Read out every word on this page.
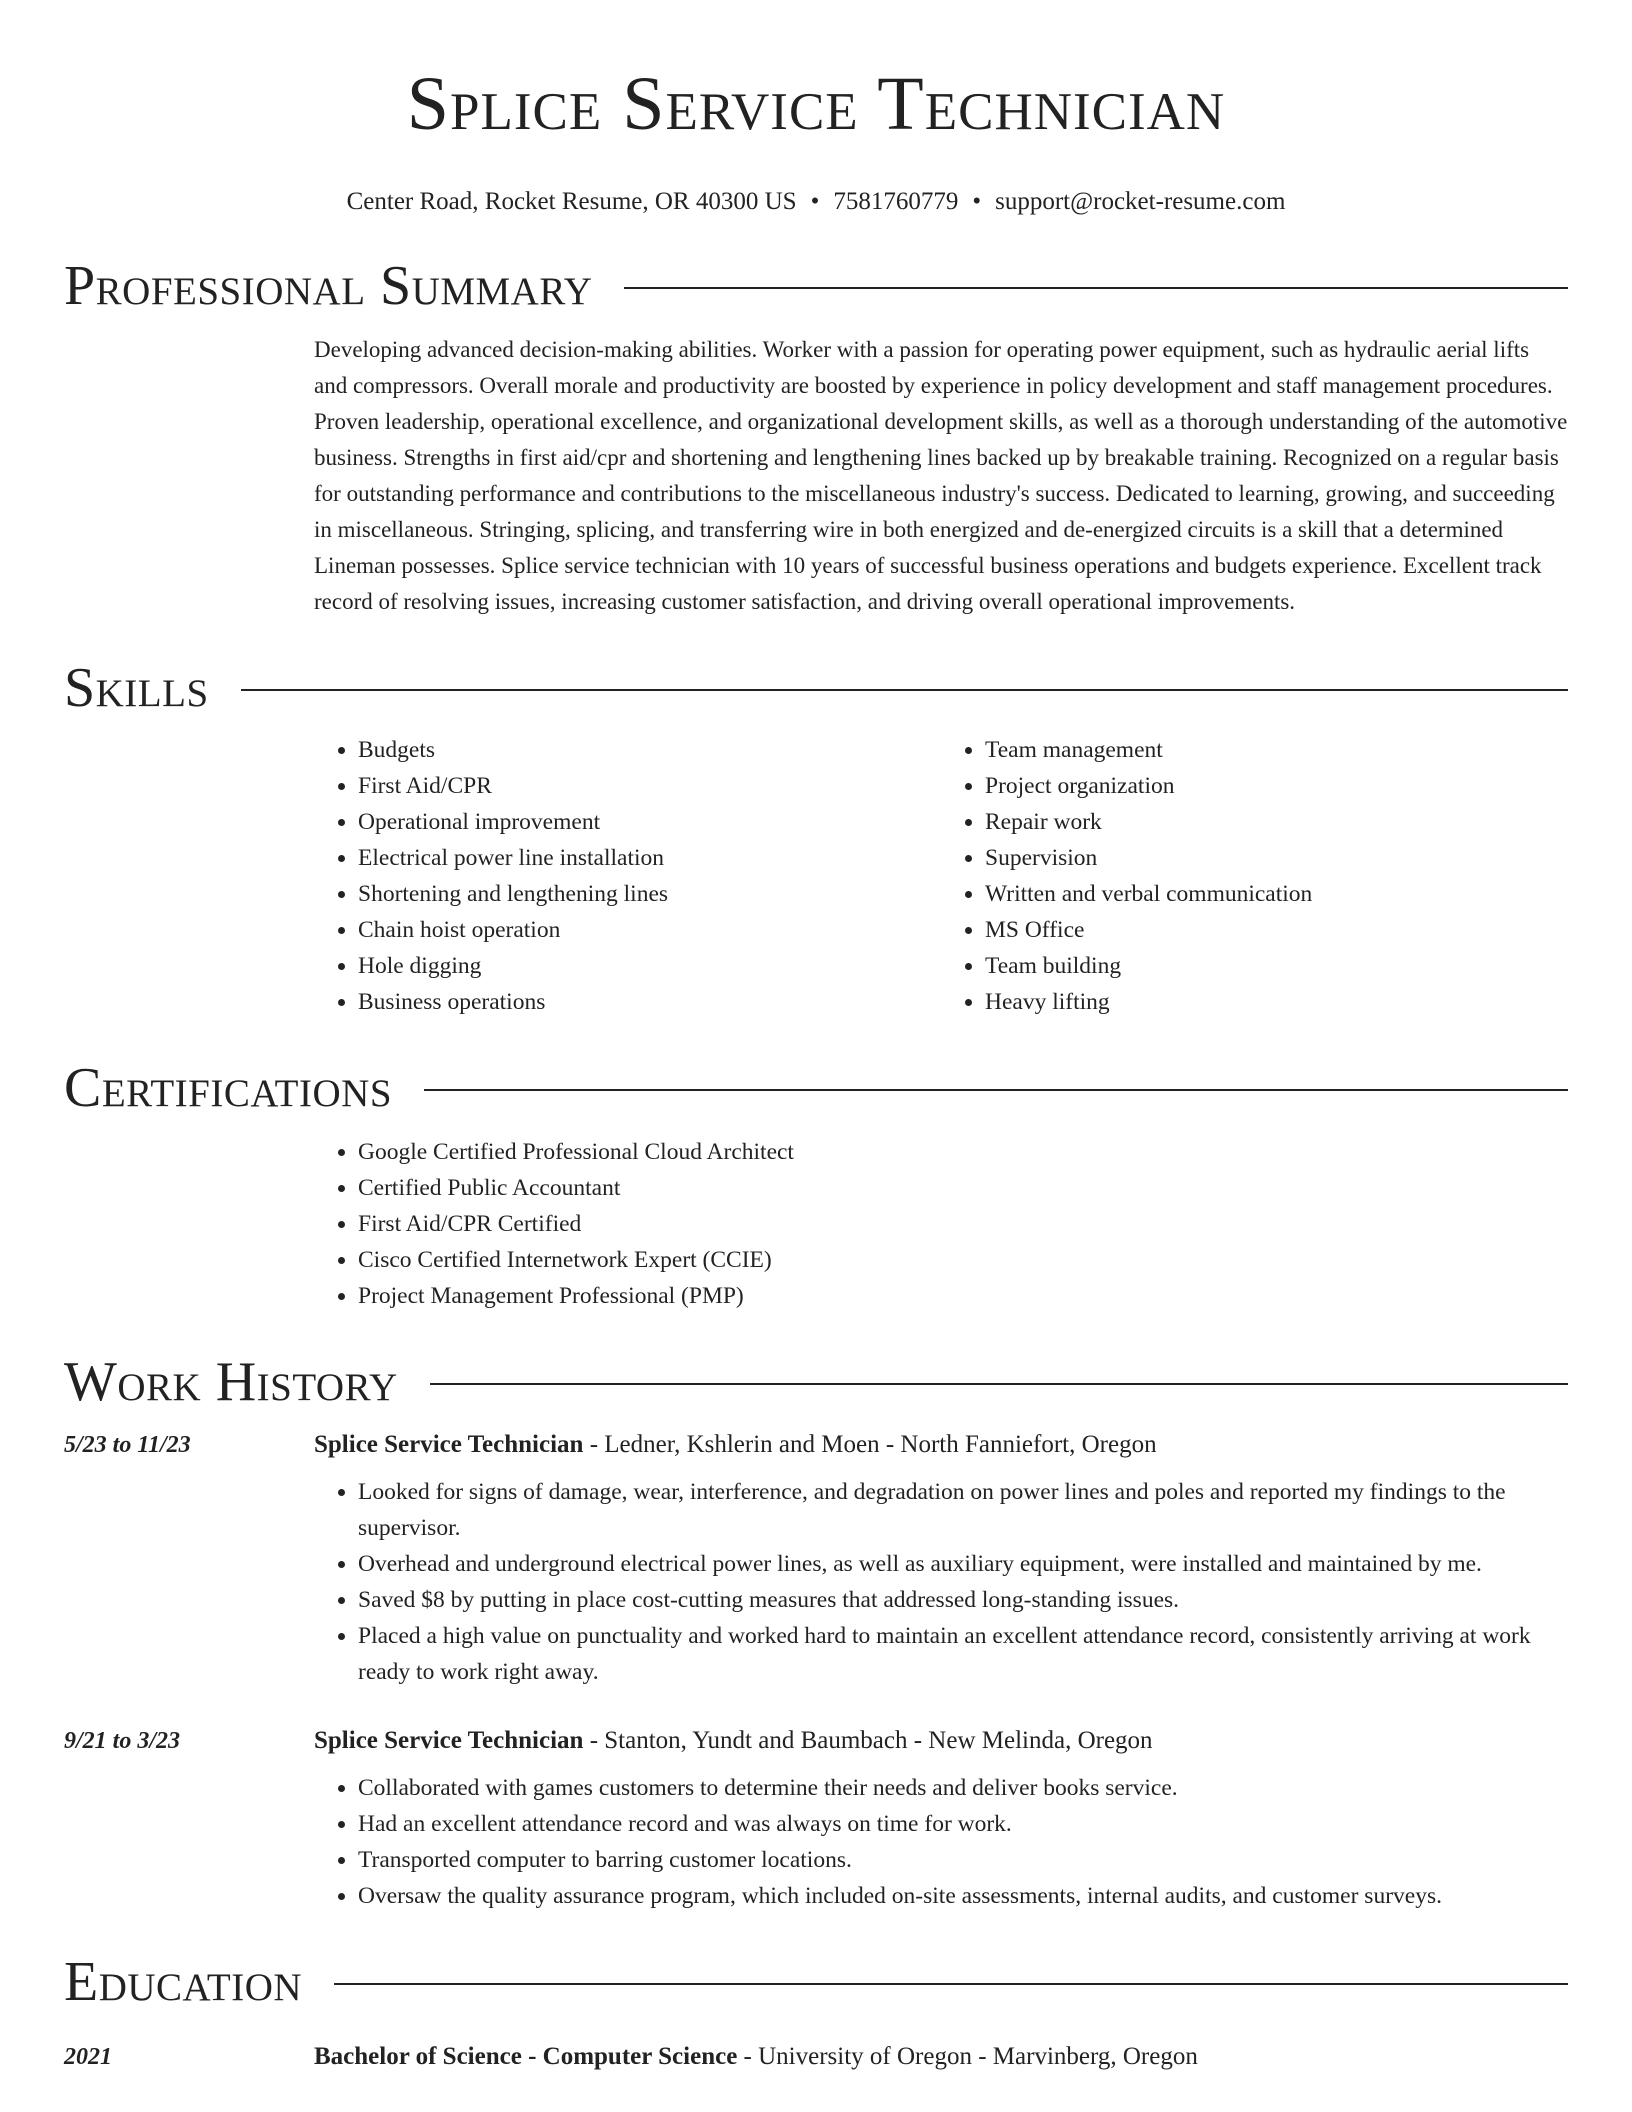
Splice Service Technician
Center Road, Rocket Resume, OR 40300 US • 7581760779 • support@rocket-resume.com
Professional Summary
Developing advanced decision-making abilities. Worker with a passion for operating power equipment, such as hydraulic aerial lifts and compressors. Overall morale and productivity are boosted by experience in policy development and staff management procedures. Proven leadership, operational excellence, and organizational development skills, as well as a thorough understanding of the automotive business. Strengths in first aid/cpr and shortening and lengthening lines backed up by breakable training. Recognized on a regular basis for outstanding performance and contributions to the miscellaneous industry's success. Dedicated to learning, growing, and succeeding in miscellaneous. Stringing, splicing, and transferring wire in both energized and de-energized circuits is a skill that a determined Lineman possesses. Splice service technician with 10 years of successful business operations and budgets experience. Excellent track record of resolving issues, increasing customer satisfaction, and driving overall operational improvements.
Skills
• Budgets
• First Aid/CPR
• Operational improvement
• Electrical power line installation
• Shortening and lengthening lines
• Chain hoist operation
• Hole digging
• Business operations
• Team management
• Project organization
• Repair work
• Supervision
• Written and verbal communication
• MS Office
• Team building
• Heavy lifting
Certifications
• Google Certified Professional Cloud Architect
• Certified Public Accountant
• First Aid/CPR Certified
• Cisco Certified Internetwork Expert (CCIE)
• Project Management Professional (PMP)
Work History
5/23 to 11/23	Splice Service Technician - Ledner, Kshlerin and Moen - North Fanniefort, Oregon
• Looked for signs of damage, wear, interference, and degradation on power lines and poles and reported my findings to the supervisor.
• Overhead and underground electrical power lines, as well as auxiliary equipment, were installed and maintained by me.
• Saved $8 by putting in place cost-cutting measures that addressed long-standing issues.
• Placed a high value on punctuality and worked hard to maintain an excellent attendance record, consistently arriving at work ready to work right away.
9/21 to 3/23	Splice Service Technician - Stanton, Yundt and Baumbach - New Melinda, Oregon
• Collaborated with games customers to determine their needs and deliver books service.
• Had an excellent attendance record and was always on time for work.
• Transported computer to barring customer locations.
• Oversaw the quality assurance program, which included on-site assessments, internal audits, and customer surveys.
Education
2021	Bachelor of Science - Computer Science - University of Oregon - Marvinberg, Oregon
